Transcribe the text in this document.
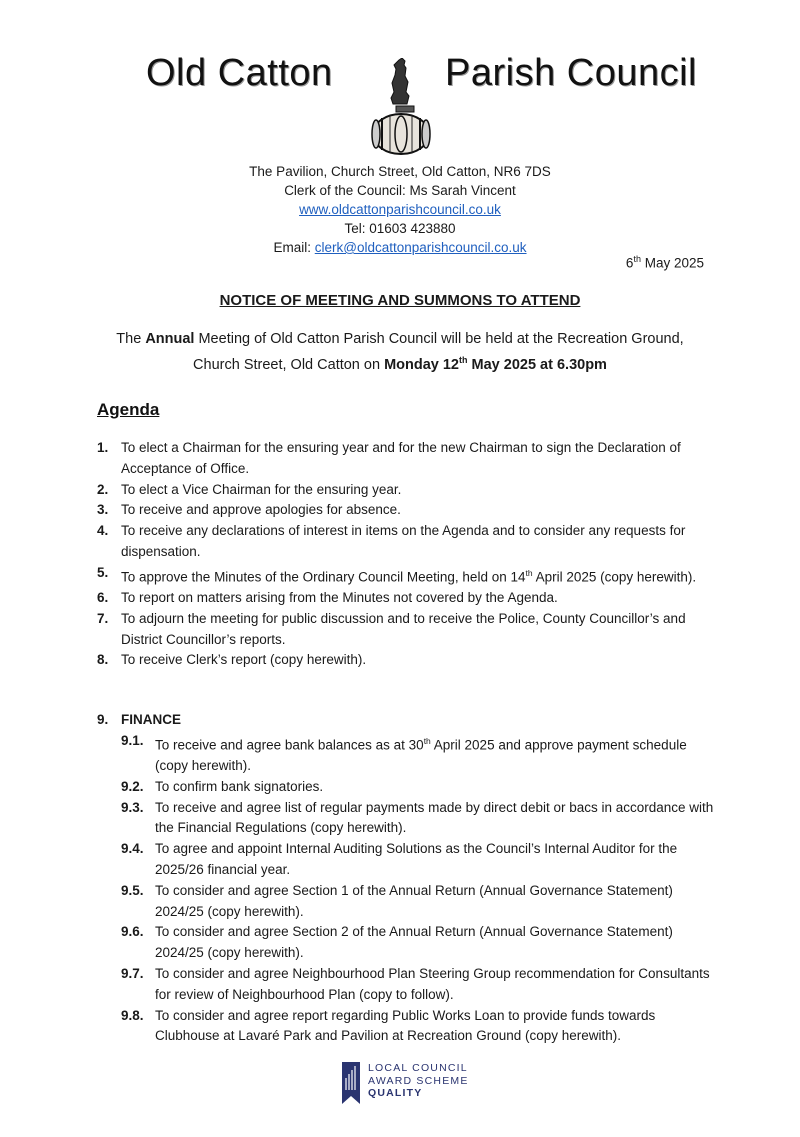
Old Catton	Parish Council
The Pavilion, Church Street, Old Catton, NR6 7DS
Clerk of the Council: Ms Sarah Vincent
www.oldcattonparishcouncil.co.uk
Tel: 01603 423880
Email: clerk@oldcattonparishcouncil.co.uk
6th May 2025
NOTICE OF MEETING AND SUMMONS TO ATTEND
The Annual Meeting of Old Catton Parish Council will be held at the Recreation Ground,
Church Street, Old Catton on Monday 12th May 2025 at 6.30pm
Agenda

1. To elect a Chairman for the ensuring year and for the new Chairman to sign the Declaration of Acceptance of Office.

2. To elect a Vice Chairman for the ensuring year.

3. To receive and approve apologies for absence.

4. To receive any declarations of interest in items on the Agenda and to consider any requests for dispensation.

5. To approve the Minutes of the Ordinary Council Meeting, held on 14th April 2025 (copy herewith).

6. To report on matters arising from the Minutes not covered by the Agenda.

7. To adjourn the meeting for public discussion and to receive the Police, County Councillor’s and District Councillor’s reports.

8. To receive Clerk’s report (copy herewith).

9. FINANCE
9.1. To receive and agree bank balances as at 30th April 2025 and approve payment schedule (copy herewith).
9.2. To confirm bank signatories.
9.3. To receive and agree list of regular payments made by direct debit or bacs in accordance with the Financial Regulations (copy herewith).
9.4. To agree and appoint Internal Auditing Solutions as the Council’s Internal Auditor for the 2025/26 financial year.
9.5. To consider and agree Section 1 of the Annual Return (Annual Governance Statement) 2024/25 (copy herewith).
9.6. To consider and agree Section 2 of the Annual Return (Annual Governance Statement) 2024/25 (copy herewith).
9.7. To consider and agree Neighbourhood Plan Steering Group recommendation for Consultants for review of Neighbourhood Plan (copy to follow).
9.8. To consider and agree report regarding Public Works Loan to provide funds towards Clubhouse at Lavaré Park and Pavilion at Recreation Ground (copy herewith).
LOCAL COUNCIL
AWARD SCHEME
QUALITY
